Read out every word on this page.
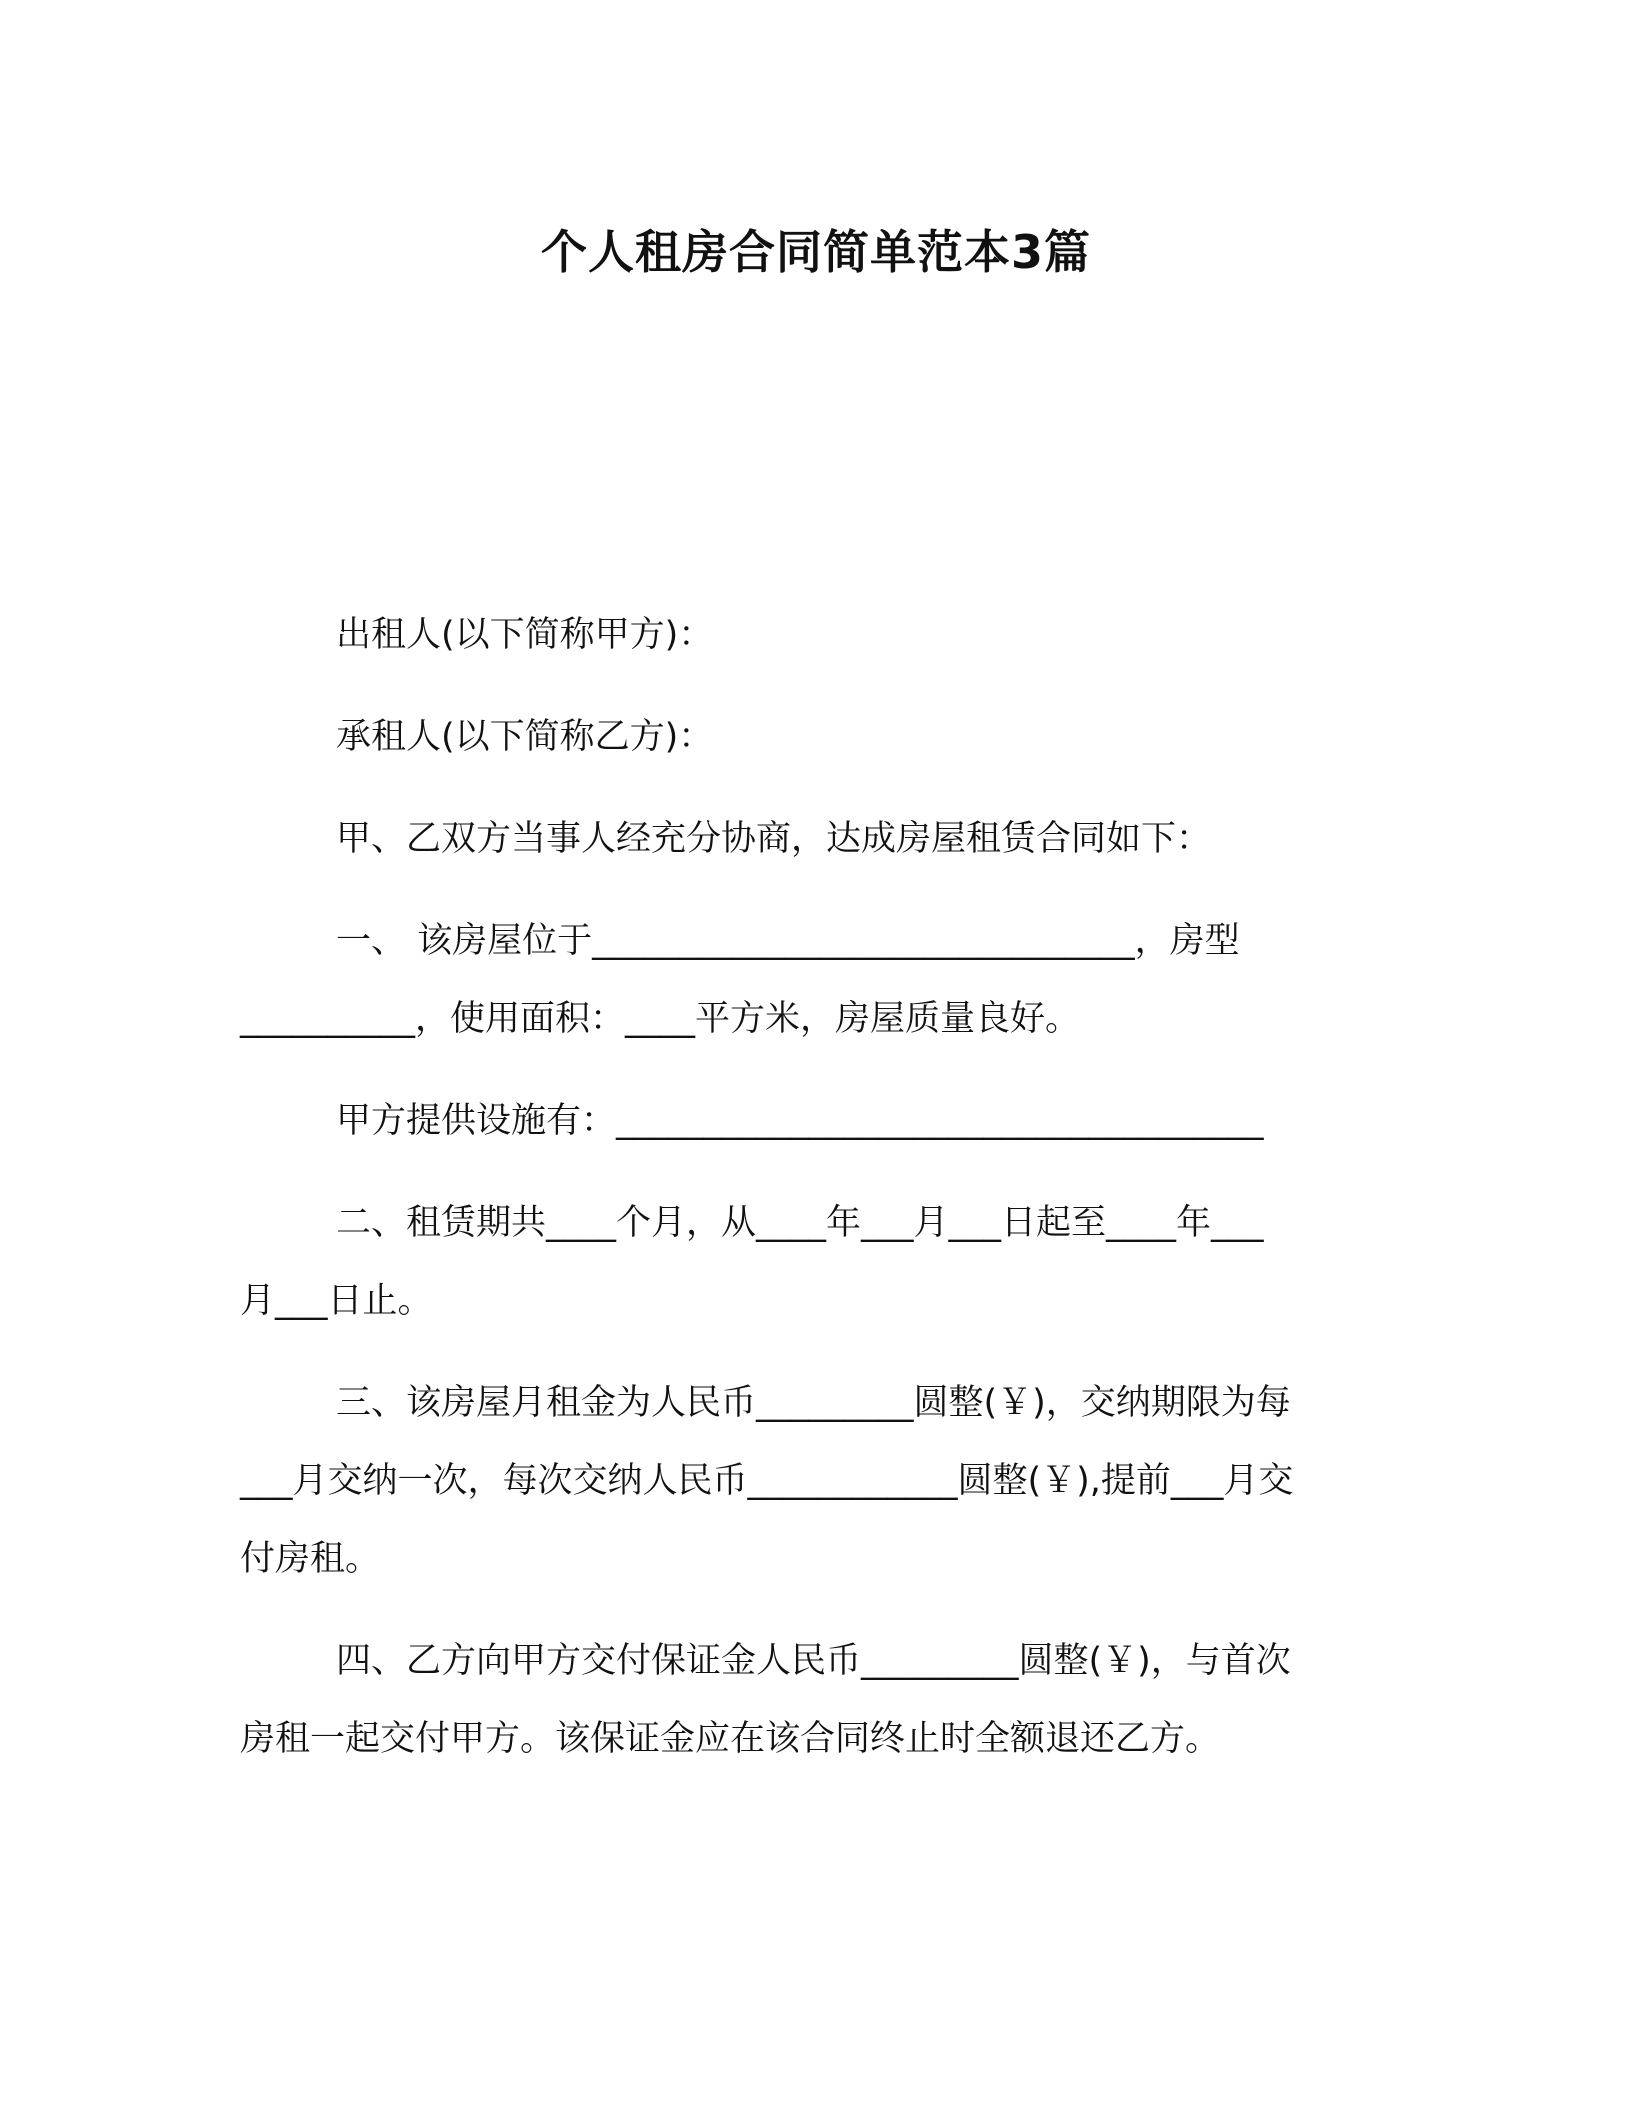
个人租房合同简单范本3篇

出租人(以下简称甲方)：

承租人(以下简称乙方)：

甲、乙双方当事人经充分协商，达成房屋租赁合同如下：

一、 该房屋位于_______________________________，房型
__________，使用面积：____平方米，房屋质量良好。

甲方提供设施有：_____________________________________

二、租赁期共____个月，从____年___月___日起至____年___
月___日止。
三、该房屋月租金为人民币_________圆整(￥)，交纳期限为每
___月交纳一次，每次交纳人民币____________圆整(￥),提前___月交
付房租。
四、乙方向甲方交付保证金人民币_________圆整(￥)，与首次
房租一起交付甲方。该保证金应在该合同终止时全额退还乙方。
